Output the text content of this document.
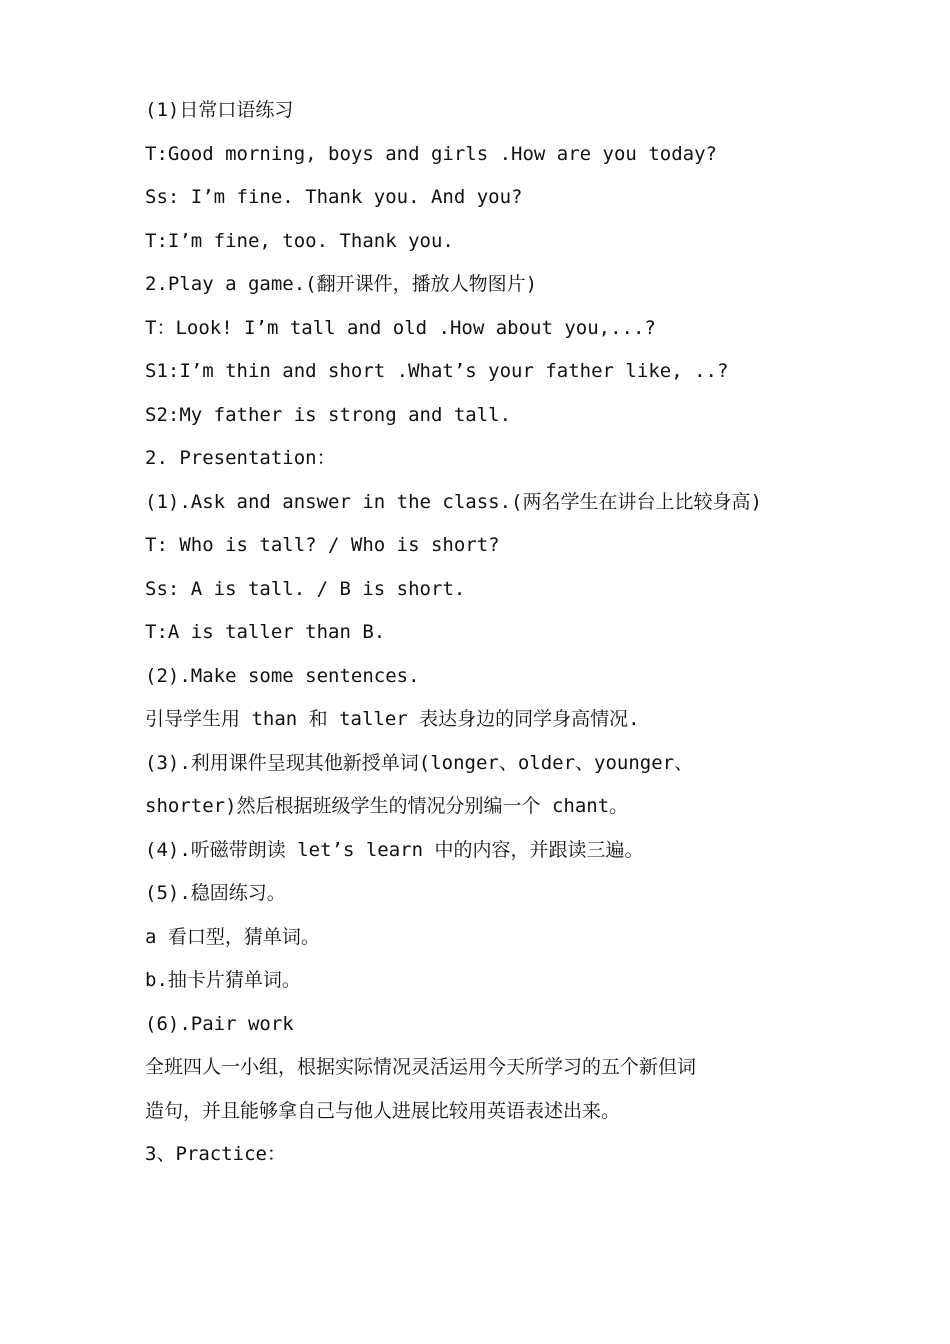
(1)日常口语练习
T:Good morning, boys and girls .How are you today?
Ss: I’m fine. Thank you. And you?
T:I’m fine, too. Thank you.
2.Play a game.(翻开课件，播放人物图片)
T：Look! I’m tall and old .How about you,...?
S1:I’m thin and short .What’s your father like, ..?
S2:My father is strong and tall.
2. Presentation：
(1).Ask and answer in the class.(两名学生在讲台上比较身高)
T: Who is tall? / Who is short?
Ss: A is tall. / B is short.
T:A is taller than B.
(2).Make some sentences.
引导学生用 than 和 taller 表达身边的同学身高情况.
(3).利用课件呈现其他新授单词(longer、older、younger、
shorter)然后根据班级学生的情况分别编一个 chant。
(4).听磁带朗读 let’s learn 中的内容，并跟读三遍。
(5).稳固练习。
a 看口型，猜单词。
b.抽卡片猜单词。
(6).Pair work
全班四人一小组，根据实际情况灵活运用今天所学习的五个新但词
造句，并且能够拿自己与他人进展比较用英语表述出来。
3、Practice：
